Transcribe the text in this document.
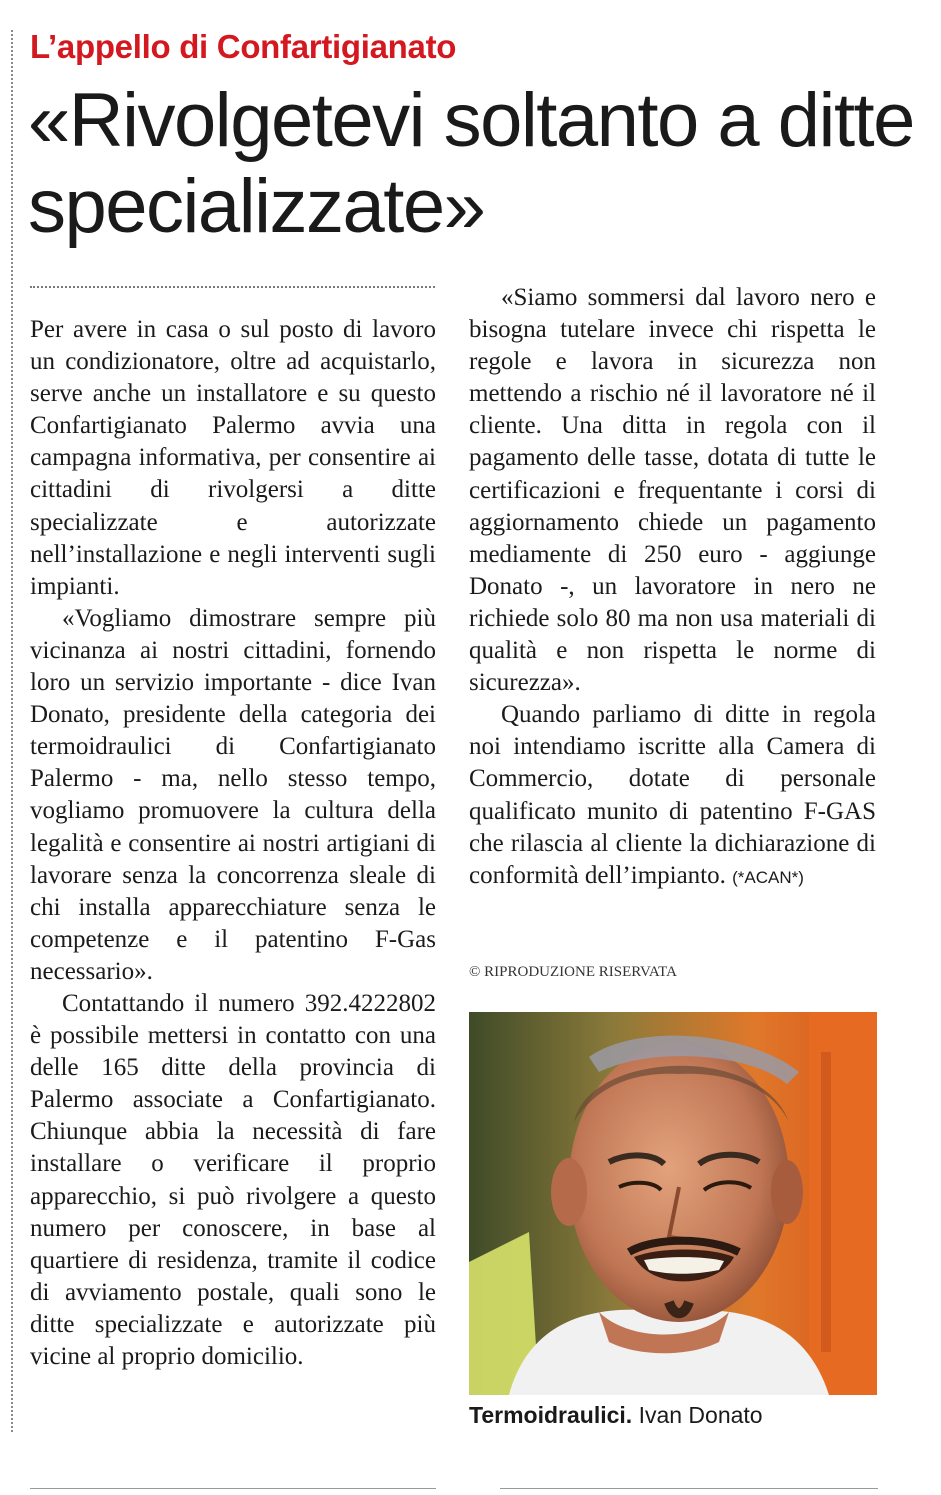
L’appello di Confartigianato
«Rivolgetevi soltanto a ditte specializzate»

Per avere in casa o sul posto di lavoro un condizionatore, oltre ad acquistarlo, serve anche un installatore e su questo Confartigianato Palermo avvia una campagna informativa, per consentire ai cittadini di rivolgersi a ditte specializzate e autorizzate nell’installazione e negli interventi sugli impianti.

«Vogliamo dimostrare sempre più vicinanza ai nostri cittadini, fornendo loro un servizio importante - dice Ivan Donato, presidente della categoria dei termoidraulici di Confartigianato Palermo - ma, nello stesso tempo, vogliamo promuovere la cultura della legalità e consentire ai nostri artigiani di lavorare senza la concorrenza sleale di chi installa apparecchiature senza le competenze e il patentino F-Gas necessario».

Contattando il numero 392.4222802 è possibile mettersi in contatto con una delle 165 ditte della provincia di Palermo associate a Confartigianato. Chiunque abbia la necessità di fare installare o verificare il proprio apparecchio, si può rivolgere a questo numero per conoscere, in base al quartiere di residenza, tramite il codice di avviamento postale, quali sono le ditte specializzate e autorizzate più vicine al proprio domicilio.

«Siamo sommersi dal lavoro nero e bisogna tutelare invece chi rispetta le regole e lavora in sicurezza non mettendo a rischio né il lavoratore né il cliente. Una ditta in regola con il pagamento delle tasse, dotata di tutte le certificazioni e frequentante i corsi di aggiornamento chiede un pagamento mediamente di 250 euro - aggiunge Donato -, un lavoratore in nero ne richiede solo 80 ma non usa materiali di qualità e non rispetta le norme di sicurezza».

Quando parliamo di ditte in regola noi intendiamo iscritte alla Camera di Commercio, dotate di personale qualificato munito di patentino F-GAS che rilascia al cliente la dichiarazione di conformità dell’impianto. (*ACAN*)

© RIPRODUZIONE RISERVATA
Termoidraulici. Ivan Donato
